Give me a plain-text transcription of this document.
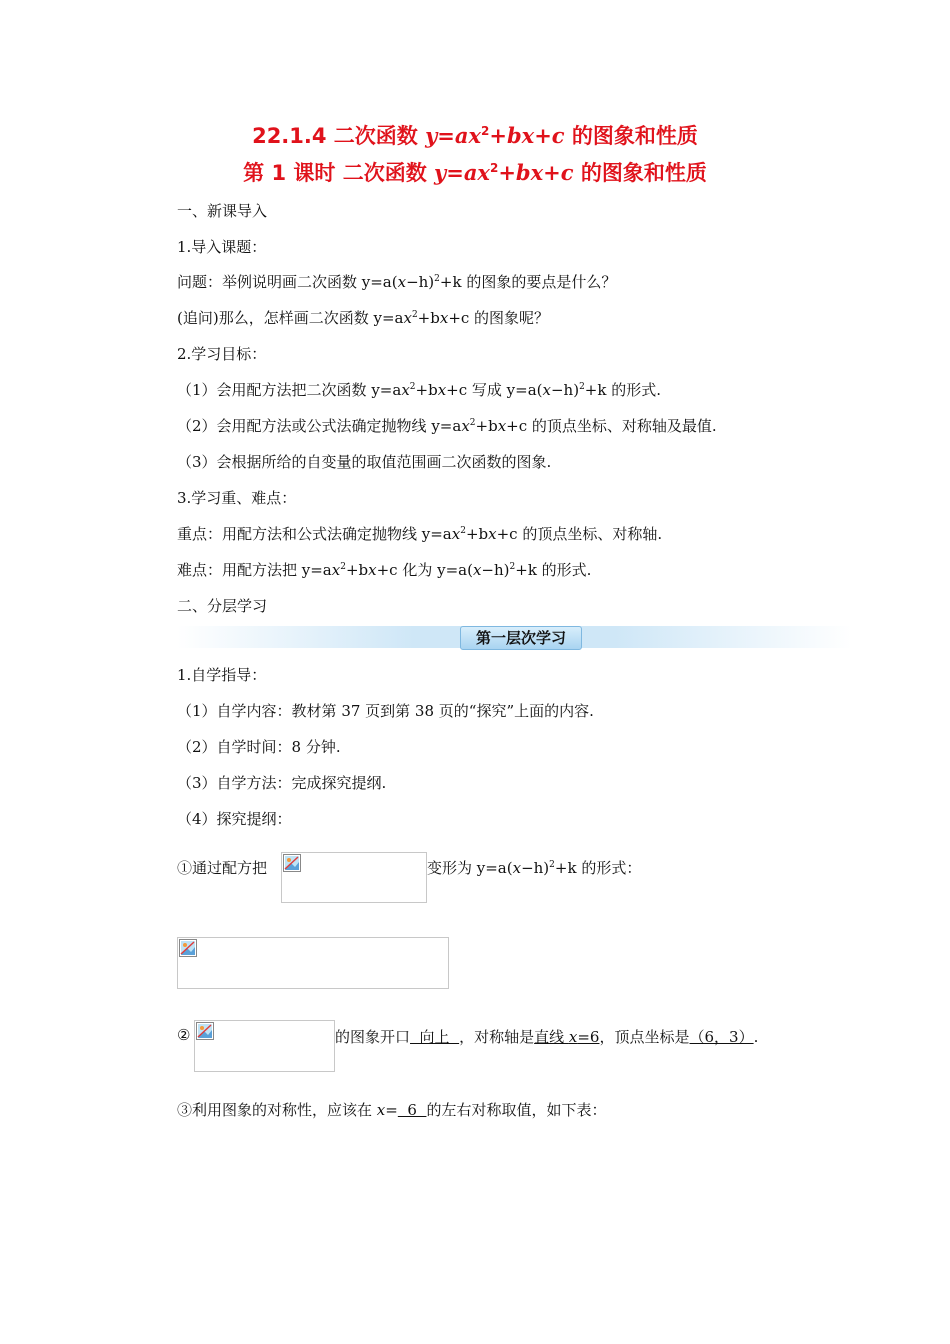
22.1.4 二次函数 $y=ax^2+bx+c$ 的图象和性质
第 1 课时 二次函数 $y=ax^2+bx+c$ 的图象和性质
一、新课导入
1.导入课题：
问题：举例说明画二次函数 $y=a(x-h)^2+k$ 的图象的要点是什么？
(追问)那么，怎样画二次函数 $y=ax^2+bx+c$ 的图象呢？
2.学习目标：
（1）会用配方法把二次函数 $y=ax^2+bx+c$ 写成 $y=a(x-h)^2+k$ 的形式.
（2）会用配方法或公式法确定抛物线 $y=ax^2+bx+c$ 的顶点坐标、对称轴及最值.
（3）会根据所给的自变量的取值范围画二次函数的图象.
3.学习重、难点：
重点：用配方法和公式法确定抛物线 $y=ax^2+bx+c$ 的顶点坐标、对称轴.
难点：用配方法把 $y=ax^2+bx+c$ 化为 $y=a(x-h)^2+k$ 的形式.
二、分层学习
第一层次学习
1.自学指导：
（1）自学内容：教材第 37 页到第 38 页的“探究”上面的内容.
（2）自学时间：8 分钟.
（3）自学方法：完成探究提纲.
（4）探究提纲：
①通过配方把	变形为 $y=a(x-h)^2+k$ 的形式：
②	的图象开口  向上  ，对称轴是直线 x=6，顶点坐标是（6，3）.
③利用图象的对称性，应该在 x=  6  的左右对称取值，如下表：
